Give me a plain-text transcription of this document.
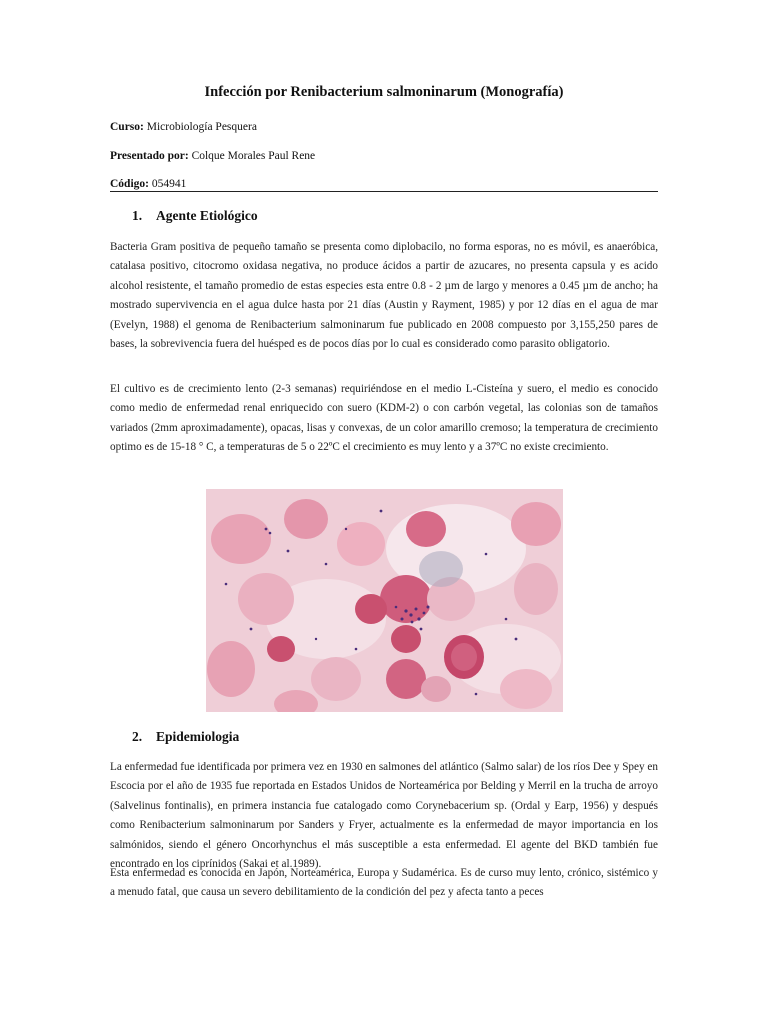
Infección por Renibacterium salmoninarum (Monografía)
Curso: Microbiología Pesquera
Presentado por: Colque Morales Paul Rene
Código: 054941
1. Agente Etiológico
Bacteria Gram positiva de pequeño tamaño se presenta como diplobacilo, no forma esporas, no es móvil, es anaeróbica, catalasa positivo, citocromo oxidasa negativa, no produce ácidos a partir de azucares, no presenta capsula y es acido alcohol resistente, el tamaño promedio de estas especies esta entre 0.8 - 2 µm de largo y menores a 0.45 µm de ancho; ha mostrado supervivencia en el agua dulce hasta por 21 días (Austin y Rayment, 1985) y por 12 días en el agua de mar (Evelyn, 1988) el genoma de Renibacterium salmoninarum fue publicado en 2008 compuesto por 3,155,250 pares de bases, la sobrevivencia fuera del huésped es de pocos días por lo cual es considerado como parasito obligatorio.
El cultivo es de crecimiento lento (2-3 semanas) requiriéndose en el medio L-Cisteína y suero, el medio es conocido como medio de enfermedad renal enriquecido con suero (KDM-2) o con carbón vegetal, las colonias son de tamaños variados (2mm aproximadamente), opacas, lisas y convexas, de un color amarillo cremoso; la temperatura de crecimiento optimo es de 15-18 ° C, a temperaturas de 5 o 22ºC el crecimiento es muy lento y a 37ºC no existe crecimiento.
2. Epidemiologia
La enfermedad fue identificada por primera vez en 1930 en salmones del atlántico (Salmo salar) de los ríos Dee y Spey en Escocia por el año de 1935 fue reportada en Estados Unidos de Norteamérica por Belding y Merril en la trucha de arroyo (Salvelinus fontinalis), en primera instancia fue catalogado como Corynebacerium sp. (Ordal y Earp, 1956) y después como Renibacterium salmoninarum por Sanders y Fryer, actualmente es la enfermedad de mayor importancia en los salmónidos, siendo el género Oncorhynchus el más susceptible a esta enfermedad. El agente del BKD también fue encontrado en los ciprínidos (Sakai et al.1989).
Esta enfermedad es conocida en Japón, Norteamérica, Europa y Sudamérica. Es de curso muy lento, crónico, sistémico y a menudo fatal, que causa un severo debilitamiento de la condición del pez y afecta tanto a peces
